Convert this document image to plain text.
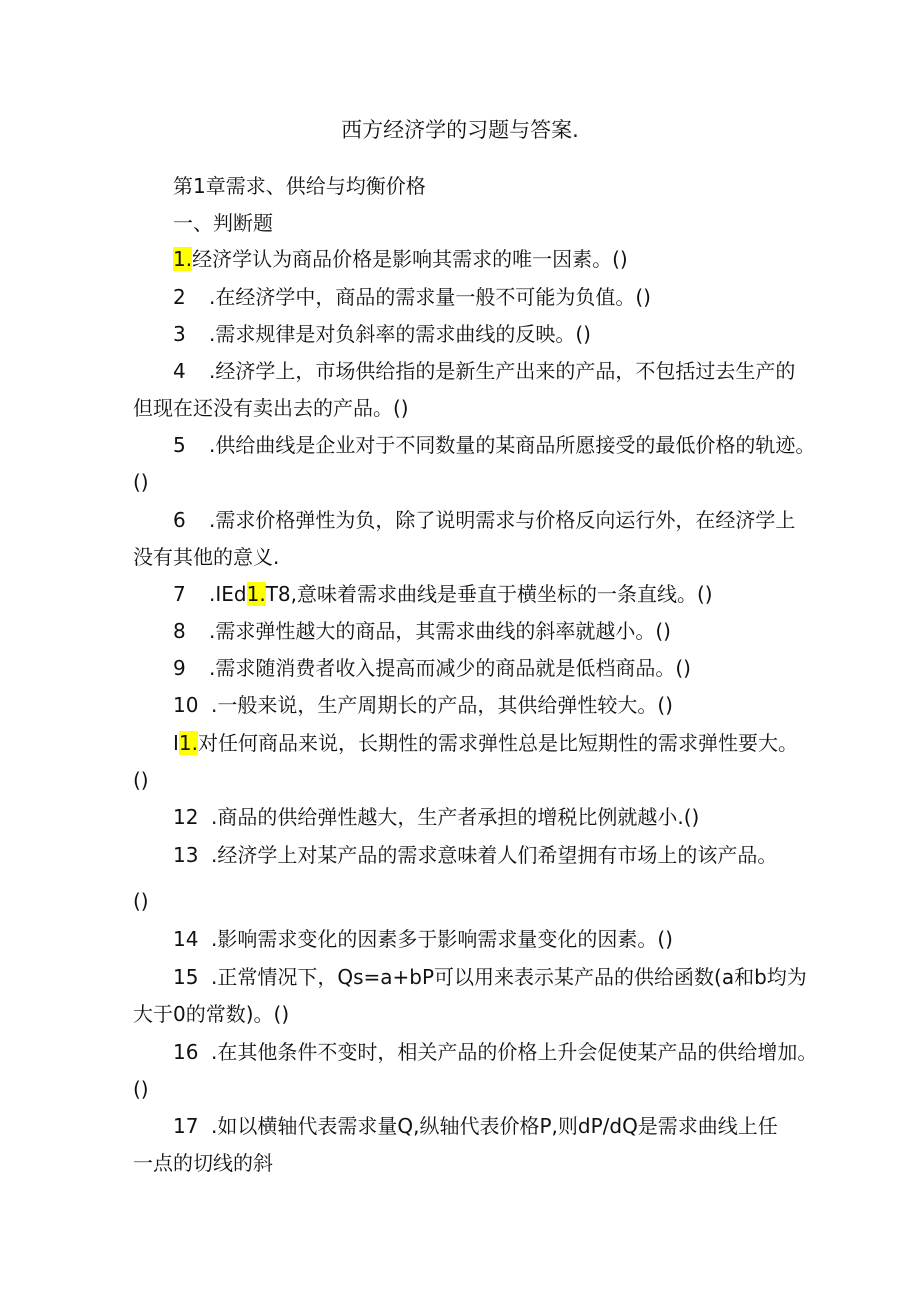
西方经济学的习题与答案.
第1章需求、供给与均衡价格
一、判断题
1.经济学认为商品价格是影响其需求的唯一因素。()
2 .在经济学中，商品的需求量一般不可能为负值。()
3 .需求规律是对负斜率的需求曲线的反映。()
4 .经济学上，市场供给指的是新生产出来的产品，不包括过去生产的
但现在还没有卖出去的产品。()
5 .供给曲线是企业对于不同数量的某商品所愿接受的最低价格的轨迹。
()
6 .需求价格弹性为负，除了说明需求与价格反向运行外，在经济学上
没有其他的意义.
7 .IEd1.T8,意味着需求曲线是垂直于横坐标的一条直线。()
8 .需求弹性越大的商品，其需求曲线的斜率就越小。()
9 .需求随消费者收入提高而减少的商品就是低档商品。()
10 .一般来说，生产周期长的产品，其供给弹性较大。()
I1.对任何商品来说，长期性的需求弹性总是比短期性的需求弹性要大。
()
12 .商品的供给弹性越大，生产者承担的增税比例就越小.()
13 .经济学上对某产品的需求意味着人们希望拥有市场上的该产品。
()
14 .影响需求变化的因素多于影响需求量变化的因素。()
15 .正常情况下，Qs=a+bP可以用来表示某产品的供给函数(a和b均为
大于0的常数)。()
16 .在其他条件不变时，相关产品的价格上升会促使某产品的供给增加。
()
17 .如以横轴代表需求量Q,纵轴代表价格P,则dP/dQ是需求曲线上任
一点的切线的斜
